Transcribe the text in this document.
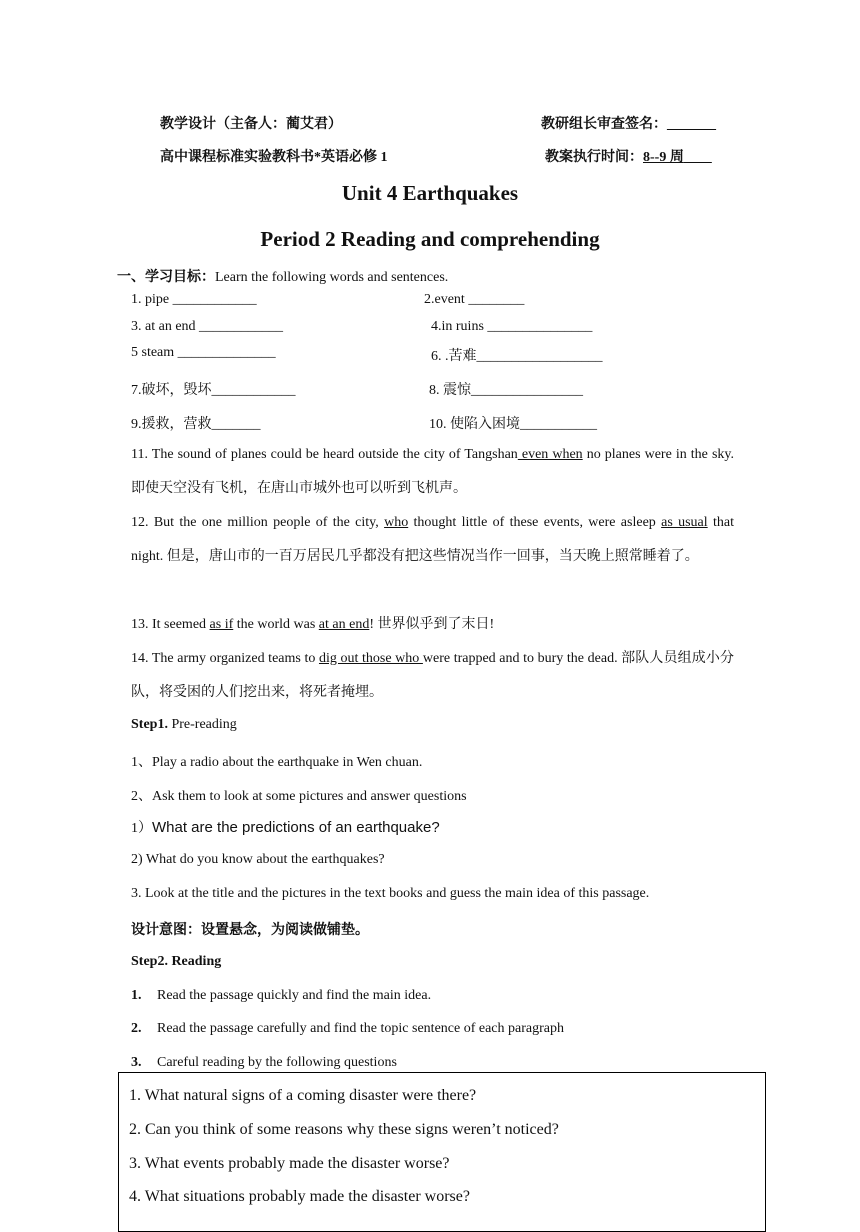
教学设计（主备人：蔺艾君）	教研组长审查签名：_______
高中课程标准实验教科书*英语必修 1	教案执行时间：8--9 周
Unit 4 Earthquakes
Period 2 Reading and comprehending
一、学习目标：Learn the following words and sentences.
1. pipe ____________	2.event ________
3. at an end ____________	4.in ruins _______________
5 steam ______________	6. .苦难__________________
7.破坏，毁坏____________	8. 震惊________________
9.援救，营救_______	10. 使陷入困境___________
11. The sound of planes could be heard outside the city of Tangshan even when no planes were in the sky. 即使天空没有飞机，在唐山市城外也可以听到飞机声。
12. But the one million people of the city, who thought little of these events, were asleep as usual that night. 但是，唐山市的一百万居民几乎都没有把这些情况当作一回事，当天晚上照常睡着了。
13. It seemed as if the world was at an end! 世界似乎到了末日!
14. The army organized teams to dig out those who were trapped and to bury the dead. 部队人员组成小分队，将受困的人们挖出来，将死者掩埋。
Step1. Pre-reading
1、Play a radio about the earthquake in Wen chuan.
2、Ask them to look at some pictures and answer questions
1）What are the predictions of an earthquake?
2) What do you know about the earthquakes?
3. Look at the title and the pictures in the text books and guess the main idea of this passage.
设计意图：设置悬念，为阅读做铺垫。
Step2. Reading
1. Read the passage quickly and find the main idea.
2. Read the passage carefully and find the topic sentence of each paragraph
3. Careful reading by the following questions
1. What natural signs of a coming disaster were there?
2. Can you think of some reasons why these signs weren’t noticed?
3. What events probably made the disaster worse?
4. What situations probably made the disaster worse?
